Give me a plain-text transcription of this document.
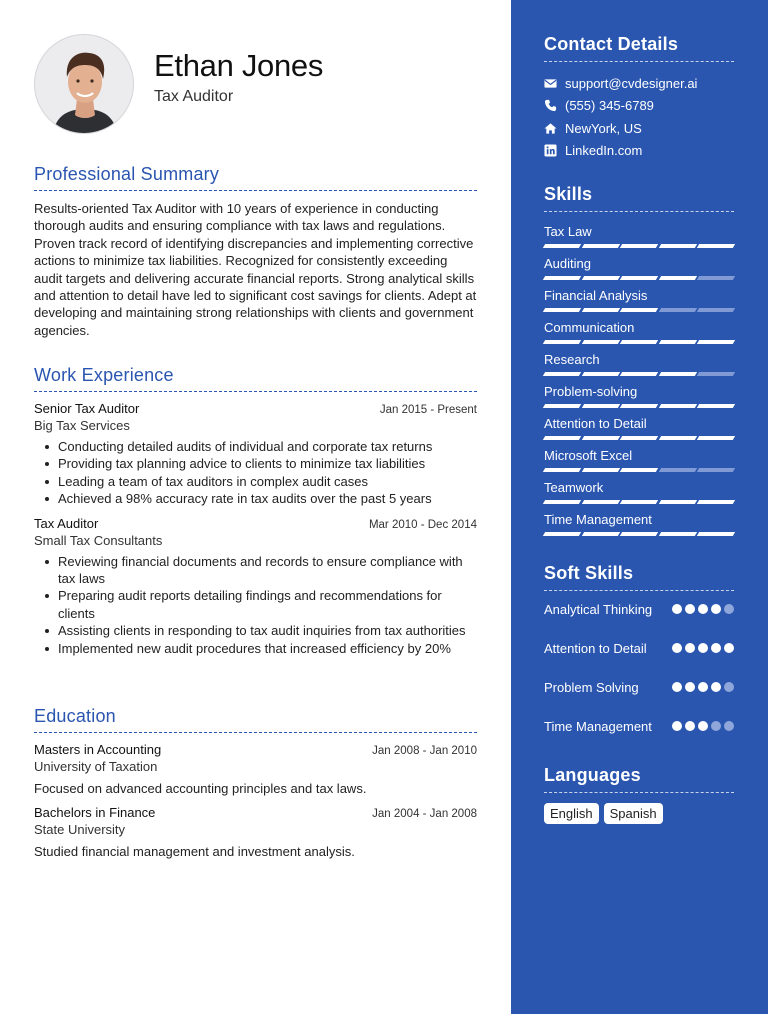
Ethan Jones
Tax Auditor
Professional Summary

Results-oriented Tax Auditor with 10 years of experience in conducting thorough audits and ensuring compliance with tax laws and regulations. Proven track record of identifying discrepancies and implementing corrective actions to minimize tax liabilities. Recognized for consistently exceeding audit targets and delivering accurate financial reports. Strong analytical skills and attention to detail have led to significant cost savings for clients. Adept at developing and maintaining strong relationships with clients and government agencies.

Work Experience
Senior Tax Auditor	Jan 2015 - Present
Big Tax Services
Conducting detailed audits of individual and corporate tax returns
Providing tax planning advice to clients to minimize tax liabilities
Leading a team of tax auditors in complex audit cases
Achieved a 98% accuracy rate in tax audits over the past 5 years
Tax Auditor	Mar 2010 - Dec 2014
Small Tax Consultants
Reviewing financial documents and records to ensure compliance with tax laws
Preparing audit reports detailing findings and recommendations for clients
Assisting clients in responding to tax audit inquiries from tax authorities
Implemented new audit procedures that increased efficiency by 20%
Education
Masters in Accounting	Jan 2008 - Jan 2010
University of Taxation
Focused on advanced accounting principles and tax laws.
Bachelors in Finance	Jan 2004 - Jan 2008
State University
Studied financial management and investment analysis.
Contact Details
support@cvdesigner.ai
(555) 345-6789
NewYork, US
LinkedIn.com
Skills
Tax Law
Auditing
Financial Analysis
Communication
Research
Problem-solving
Attention to Detail
Microsoft Excel
Teamwork
Time Management
Soft Skills
Analytical Thinking
Attention to Detail
Problem Solving
Time Management
Languages
English	Spanish
